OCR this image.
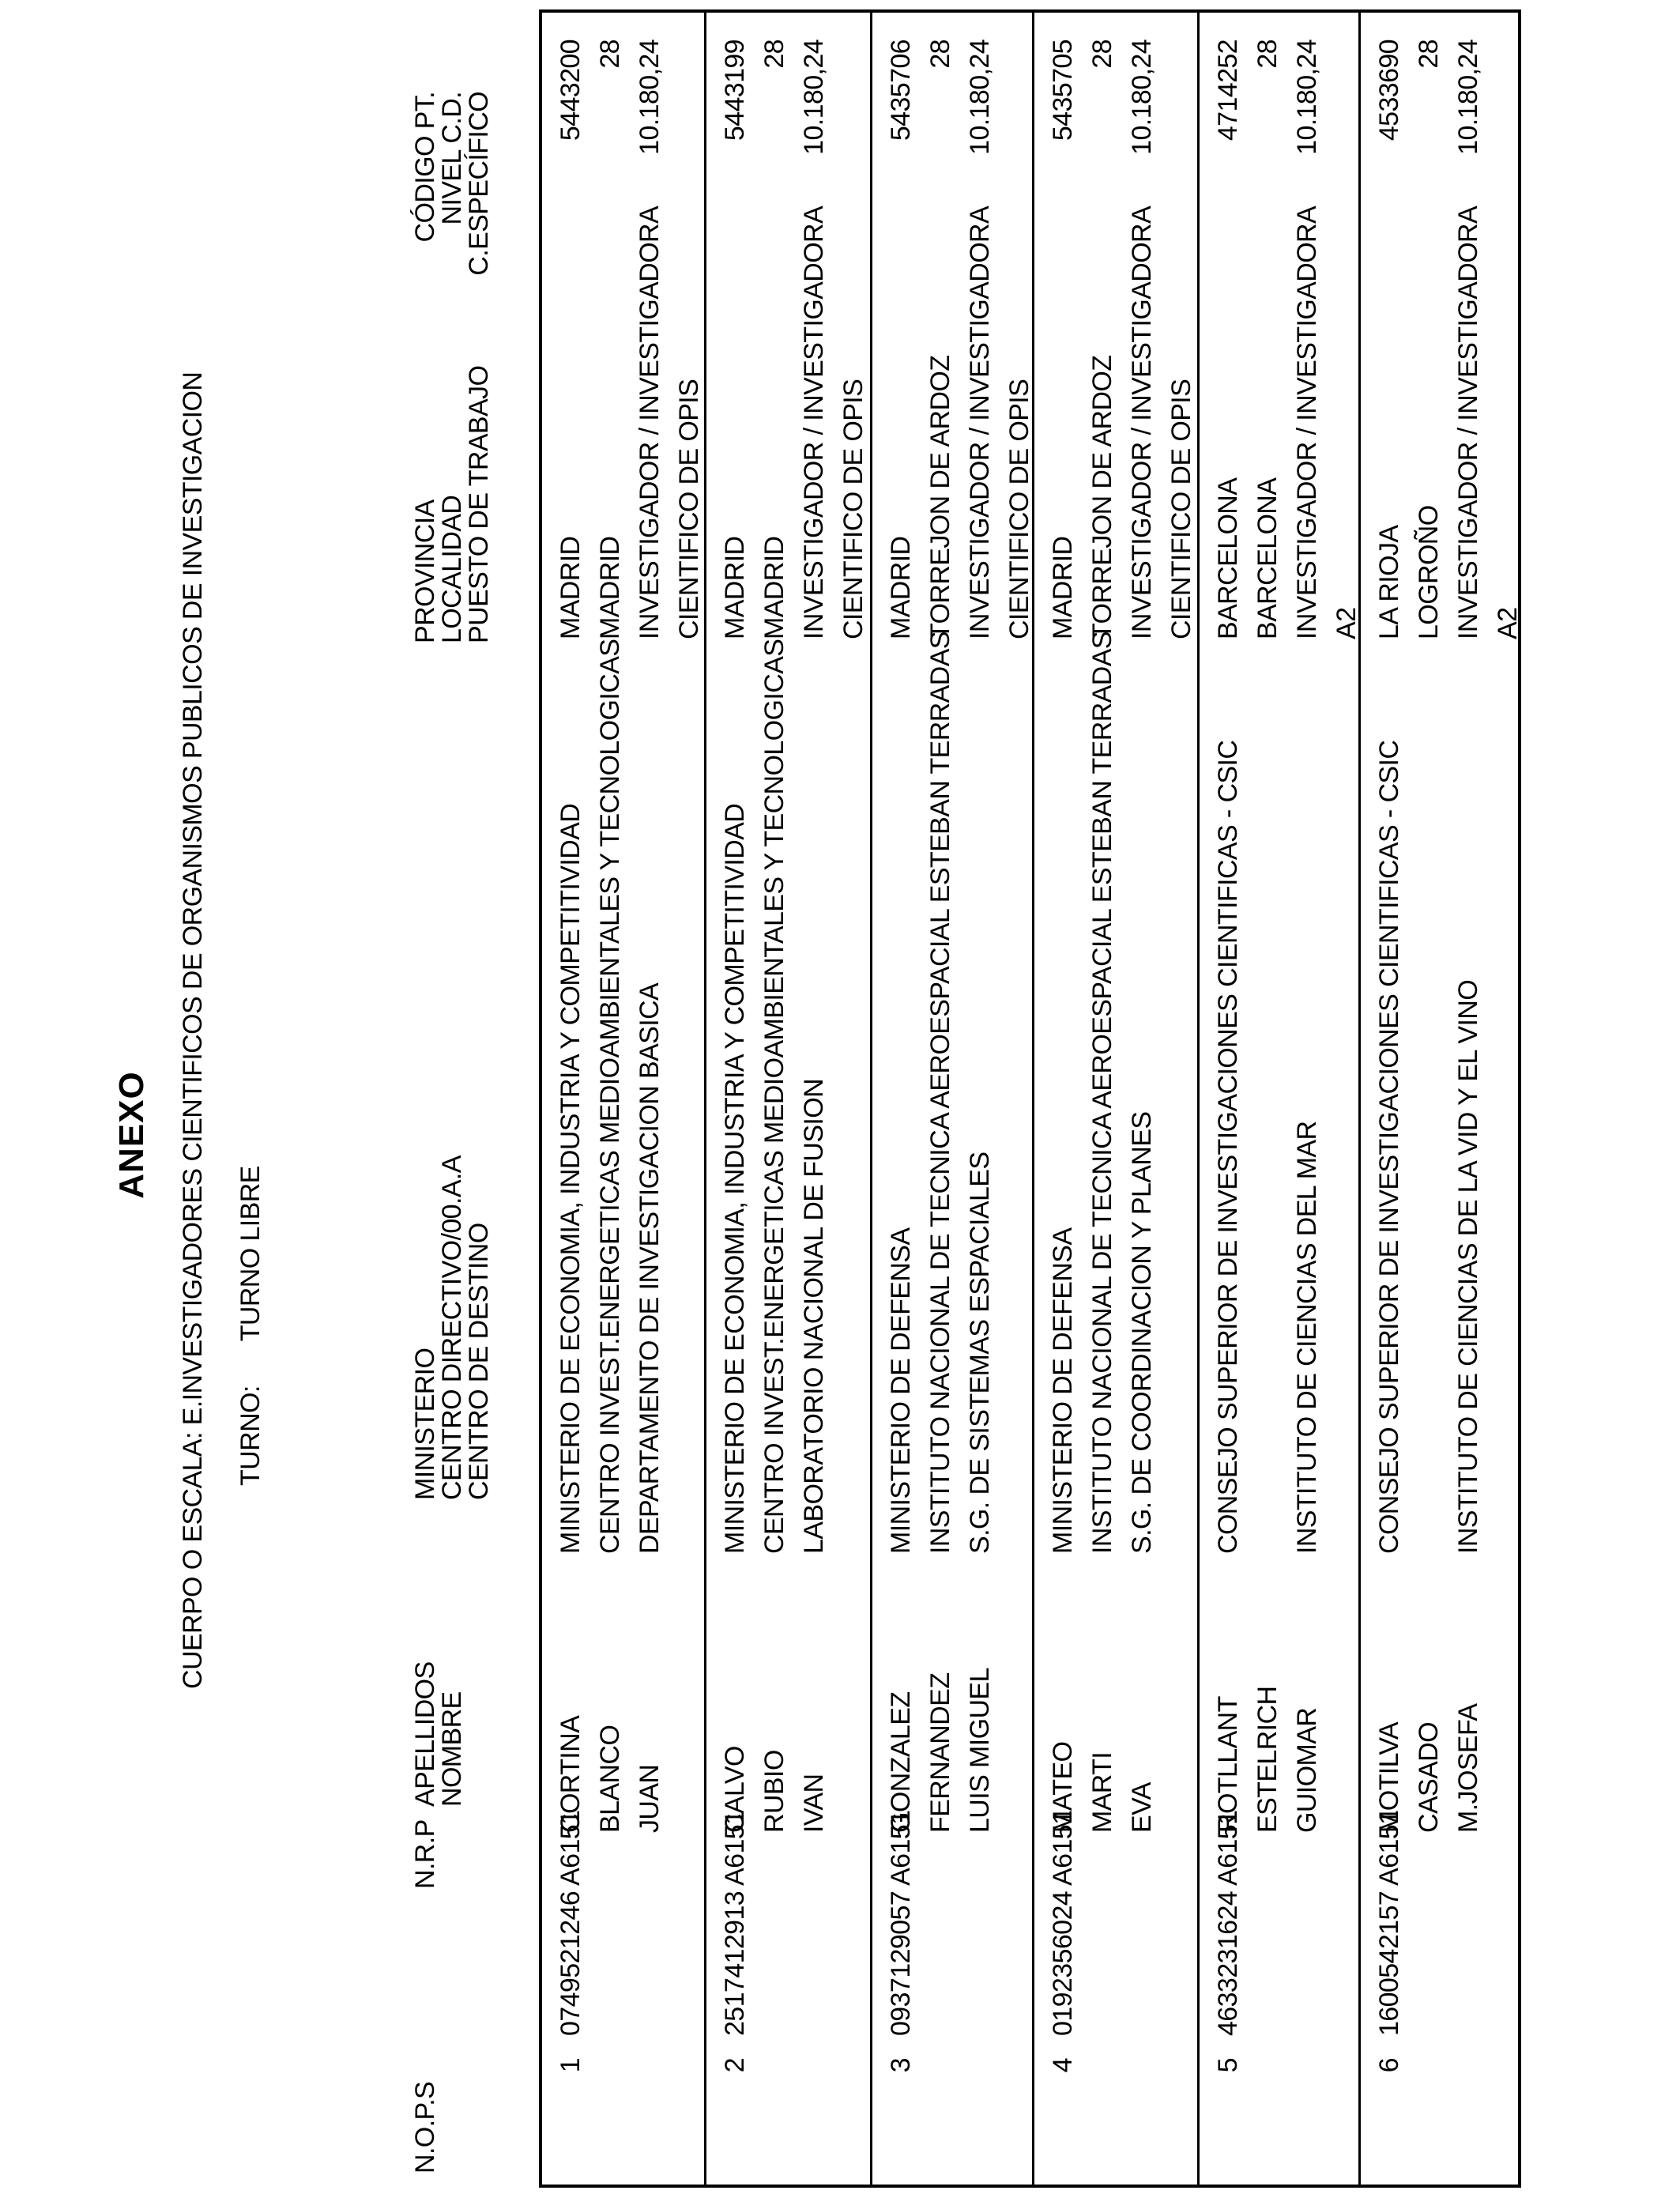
ANEXO CUERPO O ESCALA: E.INVESTIGADORES CIENTIFICOS DE ORGANISMOS PUBLICOS DE INVESTIGACION TURNO:TURNO LIBRE
N.O.P.S
N.R.P
APELLIDOS
NOMBRE
MINISTERIO
CENTRO DIRECTIVO/00.A.A
CENTRO DE DESTINO
PROVINCIA
LOCALIDAD
PUESTO DE TRABAJO
CÓDIGO PT.
NIVEL C.D.
C.ESPECÍFICO
1
0749521246 A6151
CORTINA BLANCO JUAN
MINISTERIO DE ECONOMIA, INDUSTRIA Y COMPETITIVIDAD CENTRO INVEST.ENERGETICAS MEDIOAMBIENTALES Y TECNOLOGICAS DEPARTAMENTO DE INVESTIGACION BASICA
MADRID MADRID INVESTIGADOR / INVESTIGADORA CIENTIFICO DE OPIS
5443200 28 10.180,24
2
2517412913 A6151
CALVO RUBIO IVAN
MINISTERIO DE ECONOMIA, INDUSTRIA Y COMPETITIVIDAD CENTRO INVEST.ENERGETICAS MEDIOAMBIENTALES Y TECNOLOGICAS LABORATORIO NACIONAL DE FUSION
MADRID MADRID INVESTIGADOR / INVESTIGADORA CIENTIFICO DE OPIS
5443199 28 10.180,24
3
0937129057 A6151
GONZALEZ FERNANDEZ LUIS MIGUEL
MINISTERIO DE DEFENSA INSTITUTO NACIONAL DE TECNICA AEROESPACIAL ESTEBAN TERRADAS S.G. DE SISTEMAS ESPACIALES
MADRID TORREJON DE ARDOZ INVESTIGADOR / INVESTIGADORA CIENTIFICO DE OPIS
5435706 28 10.180,24
4
0192356024 A6151
MATEO MARTI EVA
MINISTERIO DE DEFENSA INSTITUTO NACIONAL DE TECNICA AEROESPACIAL ESTEBAN TERRADAS S.G. DE COORDINACION Y PLANES
MADRID TORREJON DE ARDOZ INVESTIGADOR / INVESTIGADORA CIENTIFICO DE OPIS
5435705 28 10.180,24
5
4633231624 A6151
ROTLLANT ESTELRICH GUIOMAR
CONSEJO SUPERIOR DE INVESTIGACIONES CIENTIFICAS - CSIC INSTITUTO DE CIENCIAS DEL MAR
BARCELONA BARCELONA INVESTIGADOR / INVESTIGADORA A2
4714252 28 10.180,24
6
1600542157 A6151
MOTILVA CASADO M.JOSEFA
CONSEJO SUPERIOR DE INVESTIGACIONES CIENTIFICAS - CSIC INSTITUTO DE CIENCIAS DE LA VID Y EL VINO
LA RIOJA LOGROÑO INVESTIGADOR / INVESTIGADORA A2
4533690 28 10.180,24
